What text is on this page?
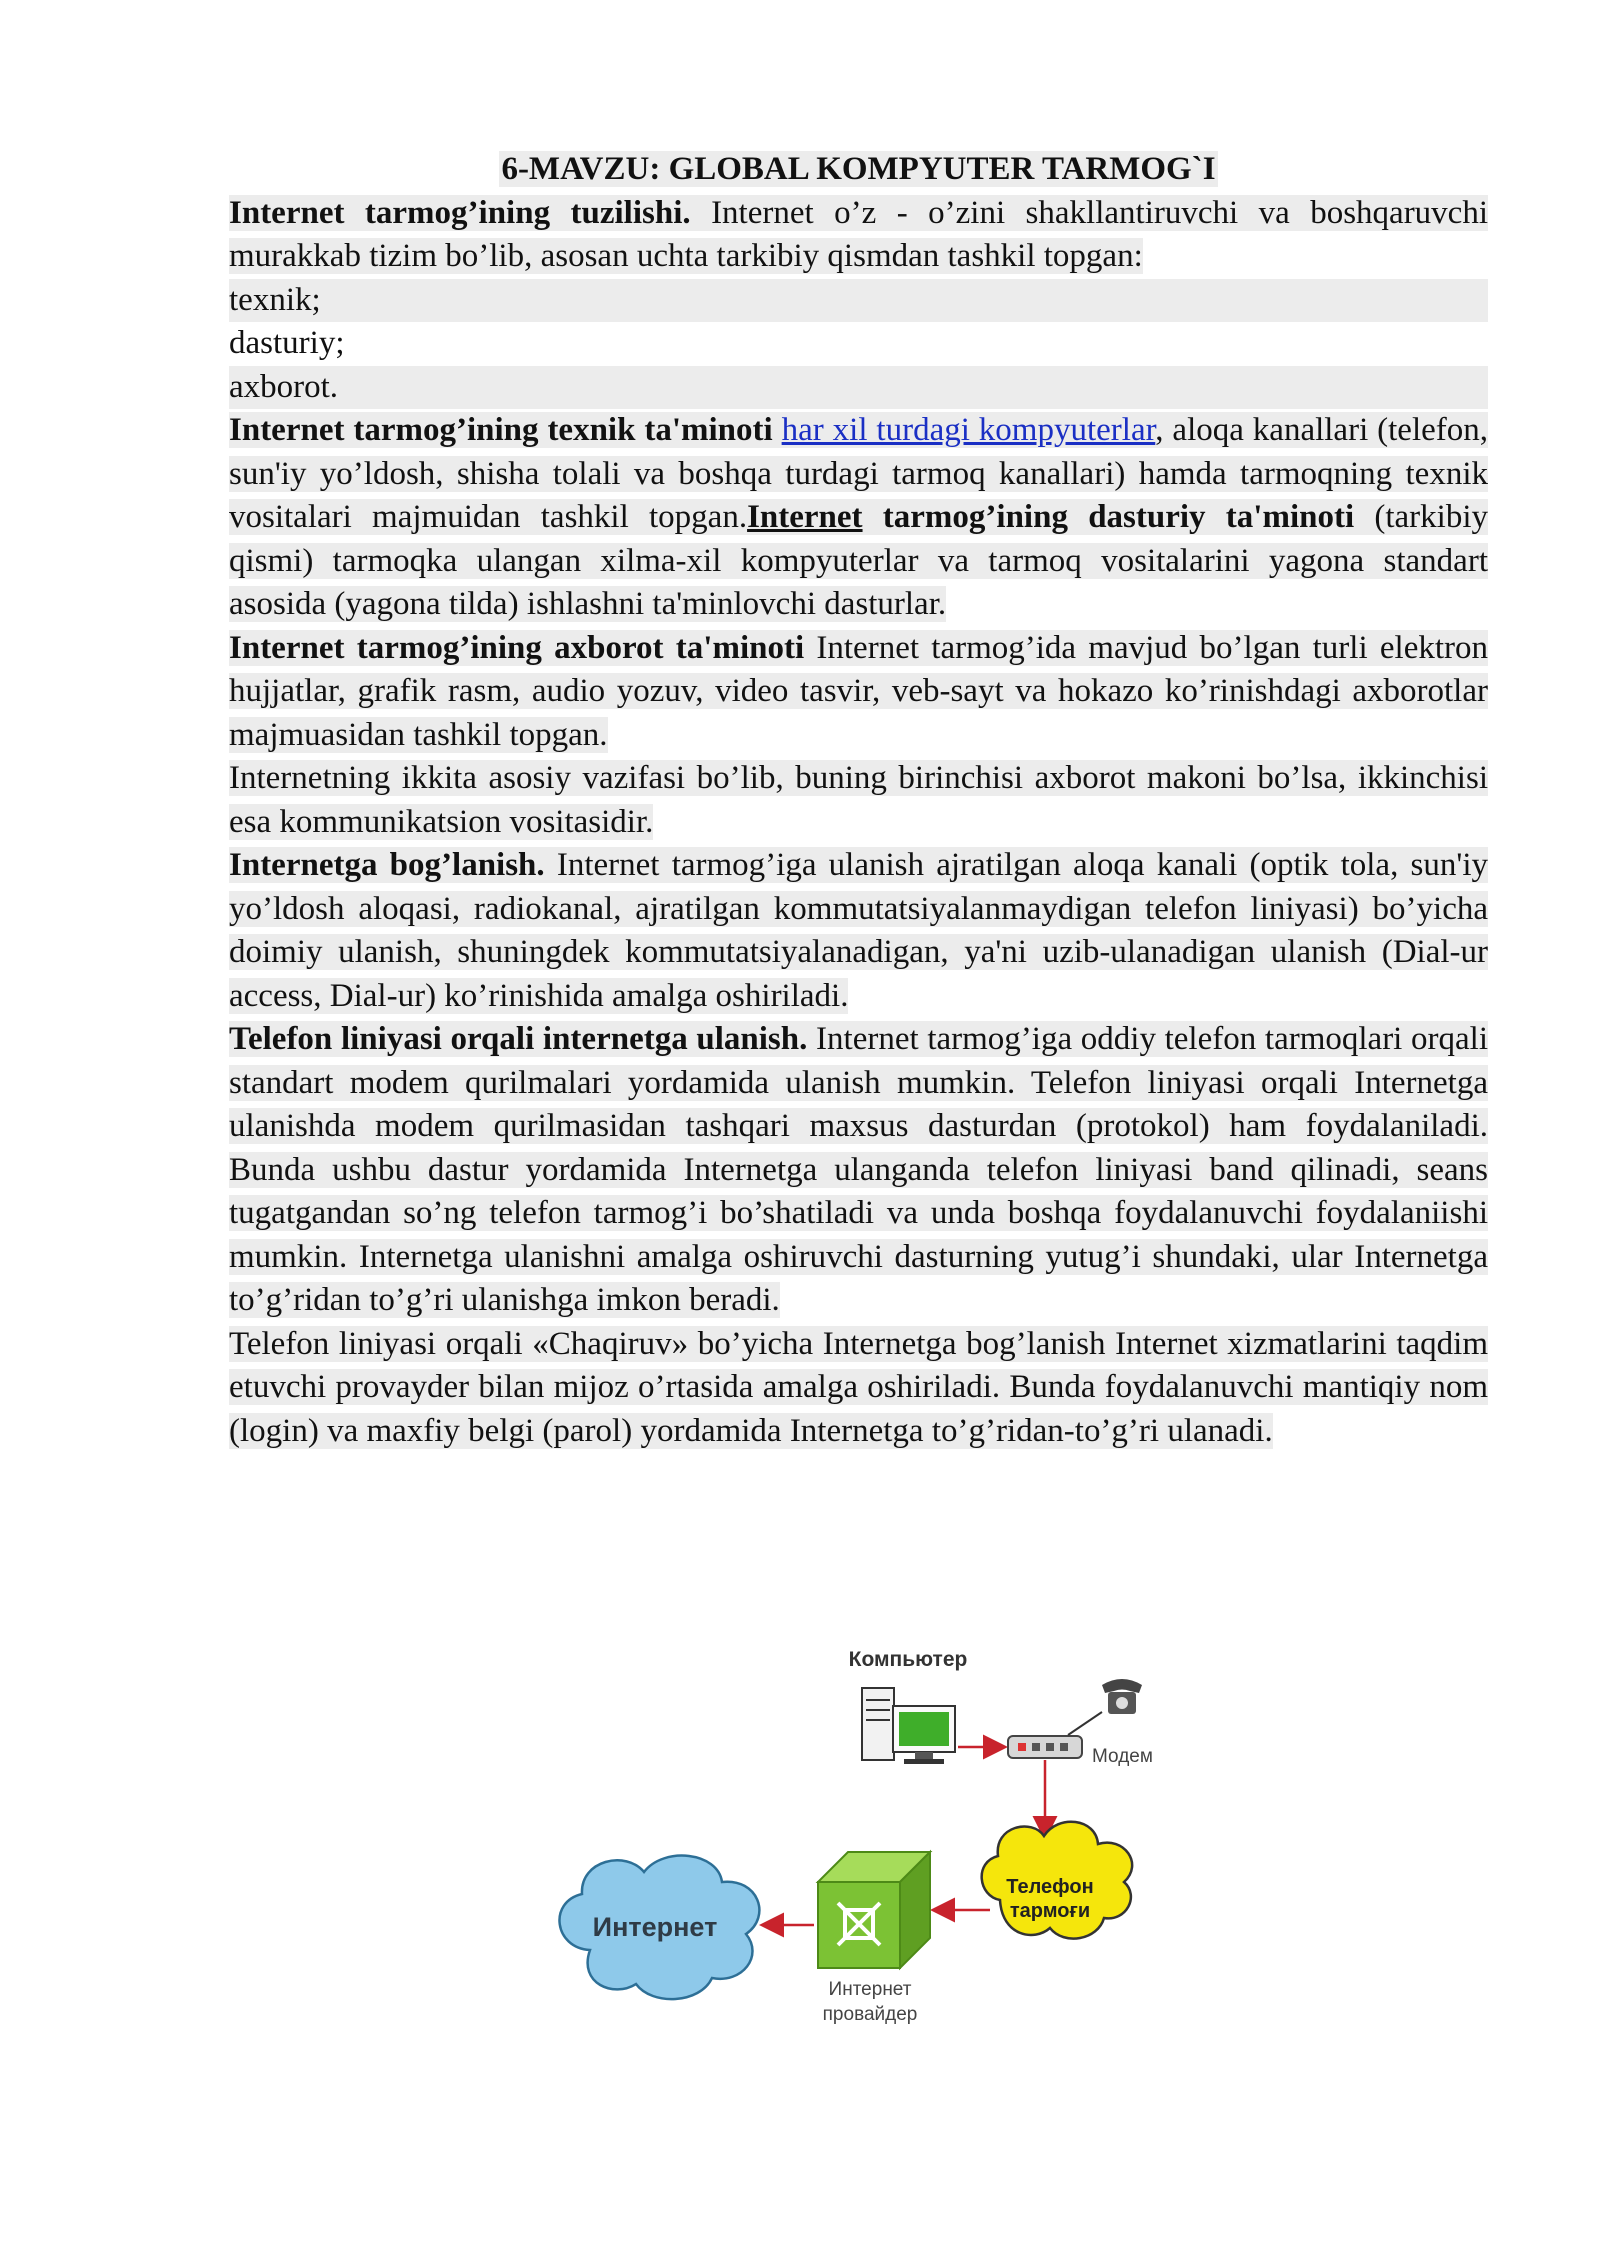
6-MAVZU: GLOBAL KOMPYUTER TARMOG`I

Internet tarmog’ining tuzilishi. Internet o’z - o’zini shakllantiruvchi va boshqaruvchi murakkab tizim bo’lib, asosan uchta tarkibiy qismdan tashkil topgan:

texnik;

dasturiy;

axborot.

Internet tarmog’ining texnik ta'minoti har xil turdagi kompyuterlar, aloqa kanallari (telefon, sun'iy yo’ldosh, shisha tolali va boshqa turdagi tarmoq kanallari) hamda tarmoqning texnik vositalari majmuidan tashkil topgan.Internet tarmog’ining dasturiy ta'minoti (tarkibiy qismi) tarmoqka ulangan xilma-xil kompyuterlar va tarmoq vositalarini yagona standart asosida (yagona tilda) ishlashni ta'minlovchi dasturlar.

Internet tarmog’ining axborot ta'minoti Internet tarmog’ida mavjud bo’lgan turli elektron hujjatlar, grafik rasm, audio yozuv, video tasvir, veb-sayt va hokazo ko’rinishdagi axborotlar majmuasidan tashkil topgan.

Internetning ikkita asosiy vazifasi bo’lib, buning birinchisi axborot makoni bo’lsa, ikkinchisi esa kommunikatsion vositasidir.

Internetga bog’lanish. Internet tarmog’iga ulanish ajratilgan aloqa kanali (optik tola, sun'iy yo’ldosh aloqasi, radiokanal, ajratilgan kommutatsiyalanmaydigan telefon liniyasi) bo’yicha doimiy ulanish, shuningdek kommutatsiyalanadigan, ya'ni uzib-ulanadigan ulanish (Dial-ur access, Dial-ur) ko’rinishida amalga oshiriladi.

Telefon liniyasi orqali internetga ulanish. Internet tarmog’iga oddiy telefon tarmoqlari orqali standart modem qurilmalari yordamida ulanish mumkin. Telefon liniyasi orqali Internetga ulanishda modem qurilmasidan tashqari maxsus dasturdan (protokol) ham foydalaniladi. Bunda ushbu dastur yordamida Internetga ulanganda telefon liniyasi band qilinadi, seans tugatgandan so’ng telefon tarmog’i bo’shatiladi va unda boshqa foydalanuvchi foydalaniishi mumkin. Internetga ulanishni amalga oshiruvchi dasturning yutug’i shundaki, ular Internetga to’g’ridan to’g’ri ulanishga imkon beradi.

Telefon liniyasi orqali «Chaqiruv» bo’yicha Internetga bog’lanish Internet xizmatlarini taqdim etuvchi provayder bilan mijoz o’rtasida amalga oshiriladi. Bunda foydalanuvchi mantiqiy nom (login) va maxfiy belgi (parol) yordamida Internetga to’g’ridan-to’g’ri ulanadi.

Компьютер
Модем
Телефон
тармоғи
Интернет
провайдер
Интернет
